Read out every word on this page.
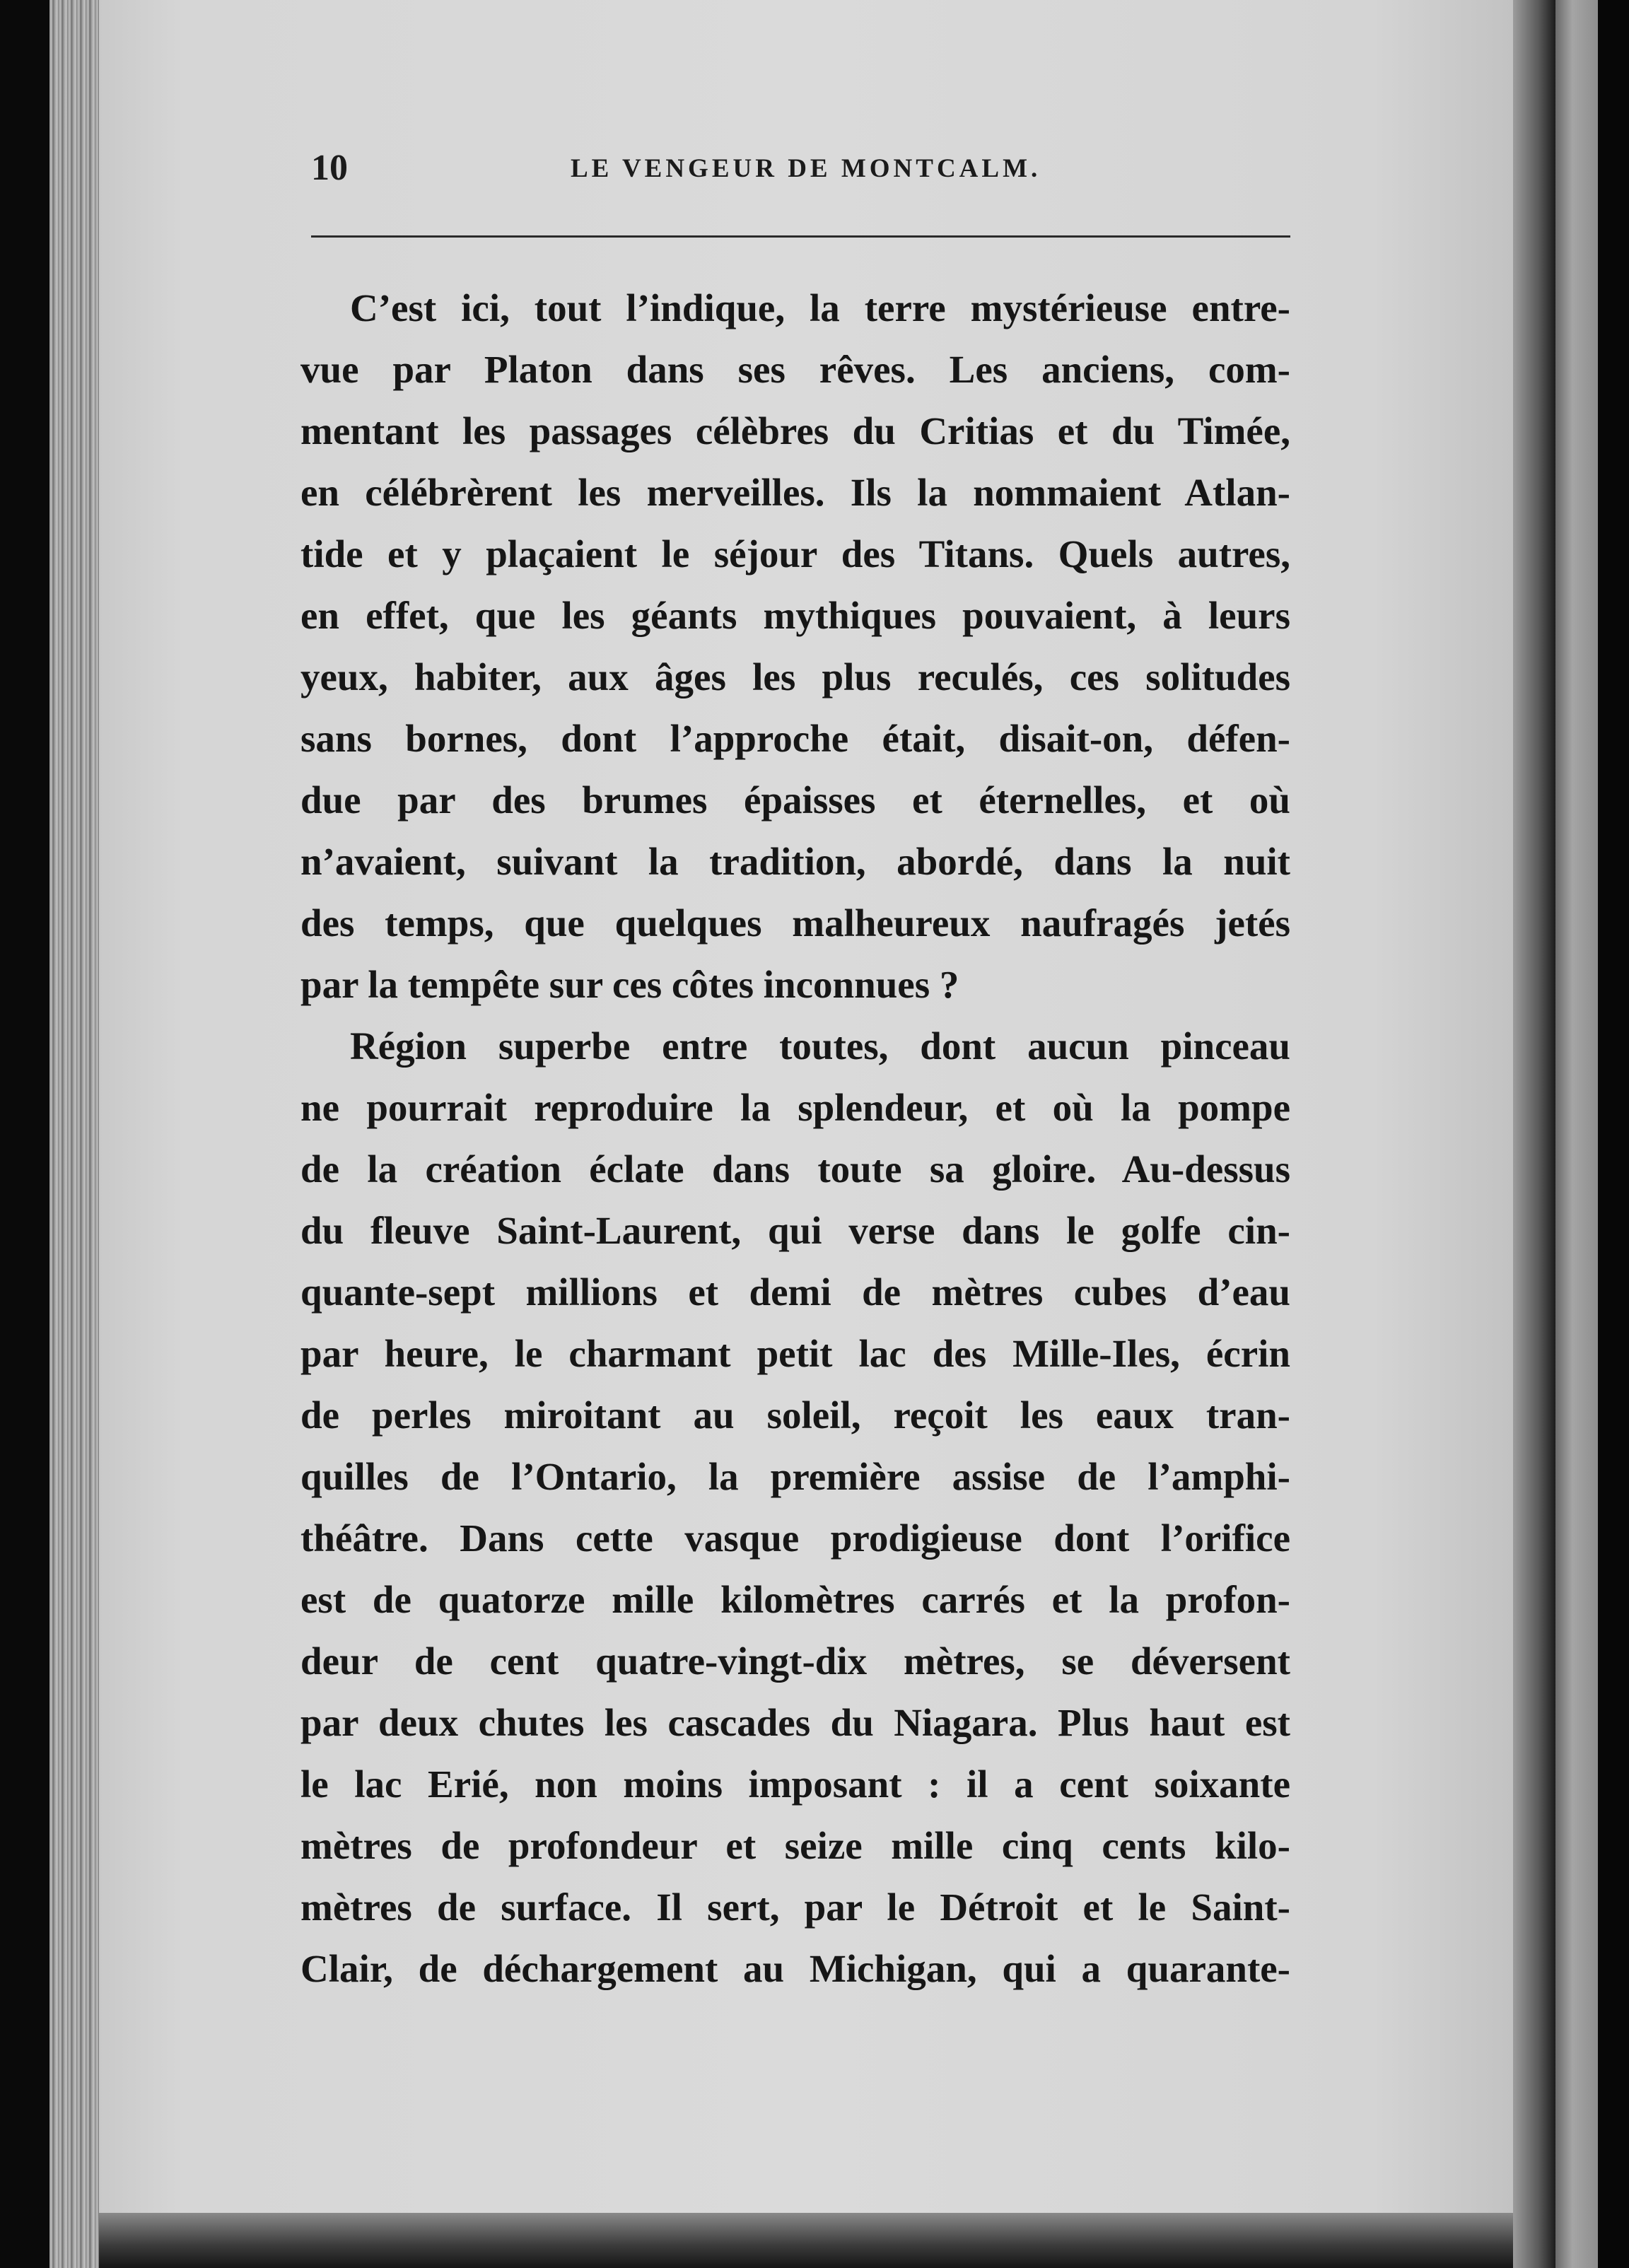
10	LE VENGEUR DE MONTCALM.
C’est ici, tout l’indique, la terre mystérieuse entre-
vue par Platon dans ses rêves. Les anciens, com-
mentant les passages célèbres du Critias et du Timée,
en célébrèrent les merveilles. Ils la nommaient Atlan-
tide et y plaçaient le séjour des Titans. Quels autres,
en effet, que les géants mythiques pouvaient, à leurs
yeux, habiter, aux âges les plus reculés, ces solitudes
sans bornes, dont l’approche était, disait-on, défen-
due par des brumes épaisses et éternelles, et où
n’avaient, suivant la tradition, abordé, dans la nuit
des temps, que quelques malheureux naufragés jetés
par la tempête sur ces côtes inconnues ?
Région superbe entre toutes, dont aucun pinceau
ne pourrait reproduire la splendeur, et où la pompe
de la création éclate dans toute sa gloire. Au-dessus
du fleuve Saint-Laurent, qui verse dans le golfe cin-
quante-sept millions et demi de mètres cubes d’eau
par heure, le charmant petit lac des Mille-Iles, écrin
de perles miroitant au soleil, reçoit les eaux tran-
quilles de l’Ontario, la première assise de l’amphi-
théâtre. Dans cette vasque prodigieuse dont l’orifice
est de quatorze mille kilomètres carrés et la profon-
deur de cent quatre-vingt-dix mètres, se déversent
par deux chutes les cascades du Niagara. Plus haut est
le lac Erié, non moins imposant : il a cent soixante
mètres de profondeur et seize mille cinq cents kilo-
mètres de surface. Il sert, par le Détroit et le Saint-
Clair, de déchargement au Michigan, qui a quarante-
